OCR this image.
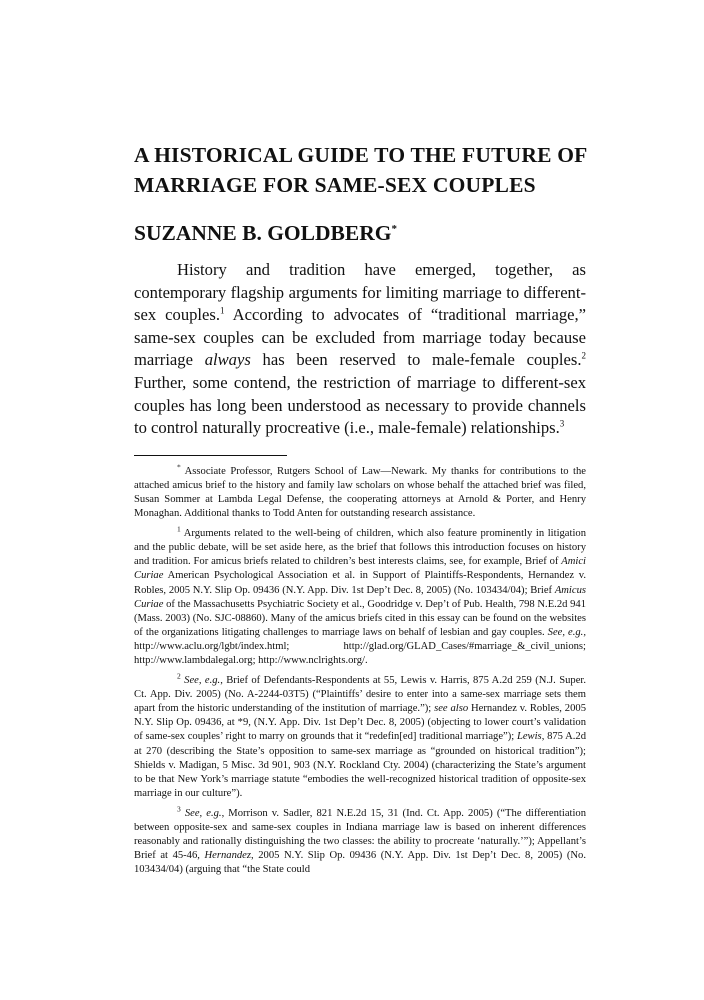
A HISTORICAL GUIDE TO THE FUTURE OF
MARRIAGE FOR SAME-SEX COUPLES
SUZANNE B. GOLDBERG*

History and tradition have emerged, together, as contemporary flagship arguments for limiting marriage to different-sex couples.$^1$ According to advocates of “traditional marriage,” same-sex couples can be excluded from marriage today because marriage always has been reserved to male-female couples.$^2$ Further, some contend, the restriction of marriage to different-sex couples has long been understood as necessary to provide channels to control naturally procreative (i.e., male-female) relationships.$^3$

* Associate Professor, Rutgers School of Law—Newark. My thanks for contributions to the attached amicus brief to the history and family law scholars on whose behalf the attached brief was filed, Susan Sommer at Lambda Legal Defense, the cooperating attorneys at Arnold & Porter, and Henry Monaghan. Additional thanks to Todd Anten for outstanding research assistance.

$^1$ Arguments related to the well-being of children, which also feature prominently in litigation and the public debate, will be set aside here, as the brief that follows this introduction focuses on history and tradition. For amicus briefs related to children’s best interests claims, see, for example, Brief of Amici Curiae American Psychological Association et al. in Support of Plaintiffs-Respondents, Hernandez v. Robles, 2005 N.Y. Slip Op. 09436 (N.Y. App. Div. 1st Dep’t Dec. 8, 2005) (No. 103434/04); Brief Amicus Curiae of the Massachusetts Psychiatric Society et al., Goodridge v. Dep’t of Pub. Health, 798 N.E.2d 941 (Mass. 2003) (No. SJC-08860). Many of the amicus briefs cited in this essay can be found on the websites of the organizations litigating challenges to marriage laws on behalf of lesbian and gay couples. See, e.g., http://www.aclu.org/lgbt/index.html; http://glad.org/GLAD_Cases/#marriage_&_civil_unions; http://www.lambdalegal.org; http://www.nclrights.org/.

$^2$ See, e.g., Brief of Defendants-Respondents at 55, Lewis v. Harris, 875 A.2d 259 (N.J. Super. Ct. App. Div. 2005) (No. A-2244-03T5) (“Plaintiffs’ desire to enter into a same-sex marriage sets them apart from the historic understanding of the institution of marriage.”); see also Hernandez v. Robles, 2005 N.Y. Slip Op. 09436, at *9, (N.Y. App. Div. 1st Dep’t Dec. 8, 2005) (objecting to lower court’s validation of same-sex couples’ right to marry on grounds that it “redefin[ed] traditional marriage”); Lewis, 875 A.2d at 270 (describing the State’s opposition to same-sex marriage as “grounded on historical tradition”); Shields v. Madigan, 5 Misc. 3d 901, 903 (N.Y. Rockland Cty. 2004) (characterizing the State’s argument to be that New York’s marriage statute “embodies the well-recognized historical tradition of opposite-sex marriage in our culture”).

$^3$ See, e.g., Morrison v. Sadler, 821 N.E.2d 15, 31 (Ind. Ct. App. 2005) (“The differentiation between opposite-sex and same-sex couples in Indiana marriage law is based on inherent differences reasonably and rationally distinguishing the two classes: the ability to procreate ‘naturally.’”); Appellant’s Brief at 45-46, Hernandez, 2005 N.Y. Slip Op. 09436 (N.Y. App. Div. 1st Dep’t Dec. 8, 2005) (No. 103434/04) (arguing that “the State could
